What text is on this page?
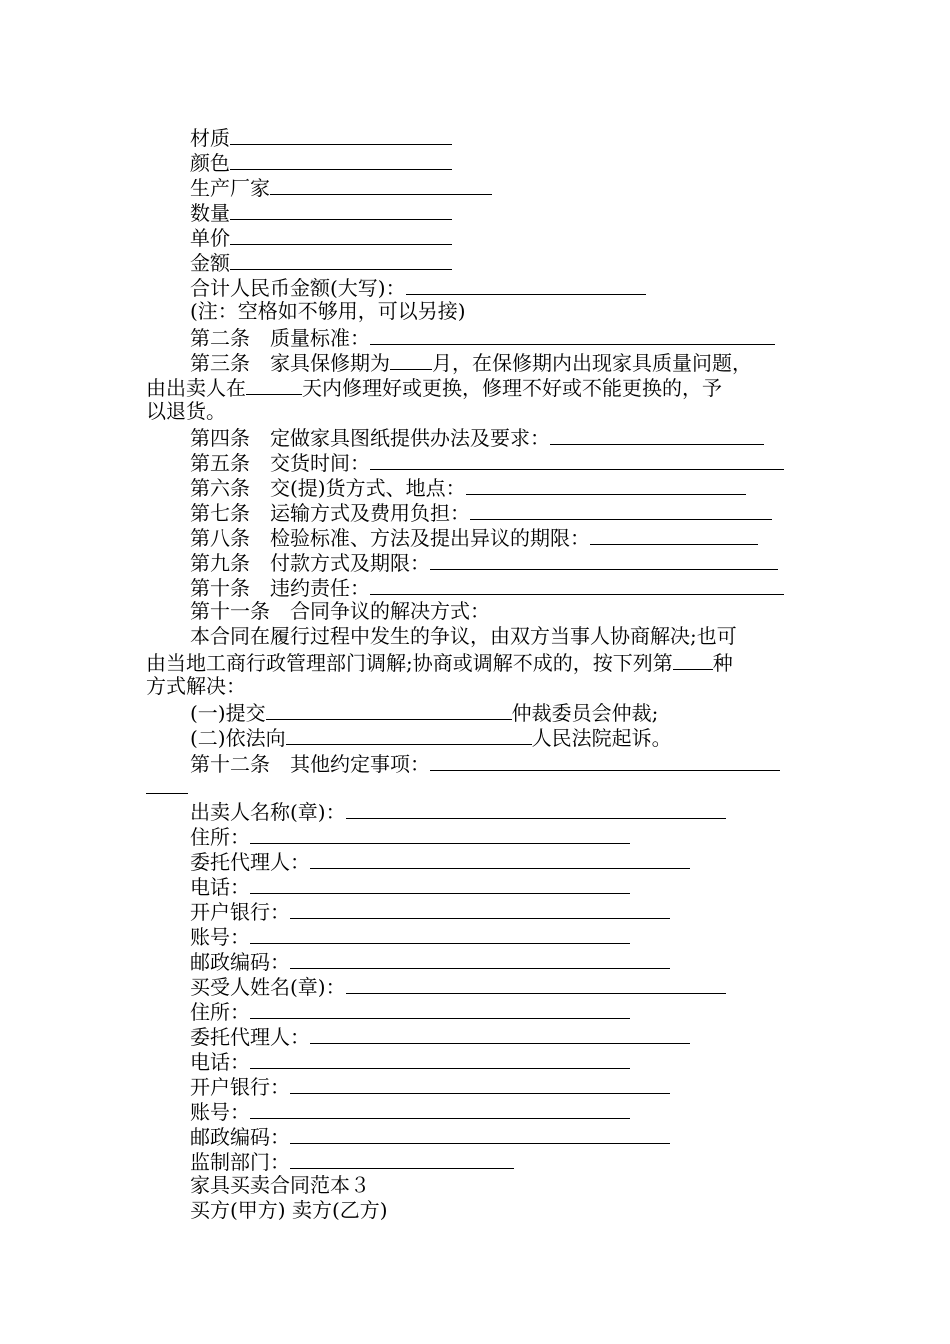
材质
颜色
生产厂家
数量
单价
金额
合计人民币金额(大写)：
(注：空格如不够用，可以另接)
第二条　质量标准：
第三条　家具保修期为 月，在保修期内出现家具质量问题，
由出卖人在	天内修理好或更换，修理不好或不能更换的，予
以退货。
第四条　定做家具图纸提供办法及要求：
第五条　交货时间：
第六条　交(提)货方式、地点：
第七条　运输方式及费用负担：
第八条　检验标准、方法及提出异议的期限：
第九条　付款方式及期限：
第十条　违约责任：
第十一条　合同争议的解决方式：
本合同在履行过程中发生的争议，由双方当事人协商解决;也可
由当地工商行政管理部门调解;协商或调解不成的，按下列第 种
方式解决：
(一)提交	仲裁委员会仲裁;
(二)依法向	人民法院起诉。
第十二条　其他约定事项：
出卖人名称(章)：
住所：
委托代理人：
电话：
开户银行：
账号：
邮政编码：
买受人姓名(章)：
住所：
委托代理人：
电话：
开户银行：
账号：
邮政编码：
监制部门：
家具买卖合同范本３
买方(甲方) 卖方(乙方)
